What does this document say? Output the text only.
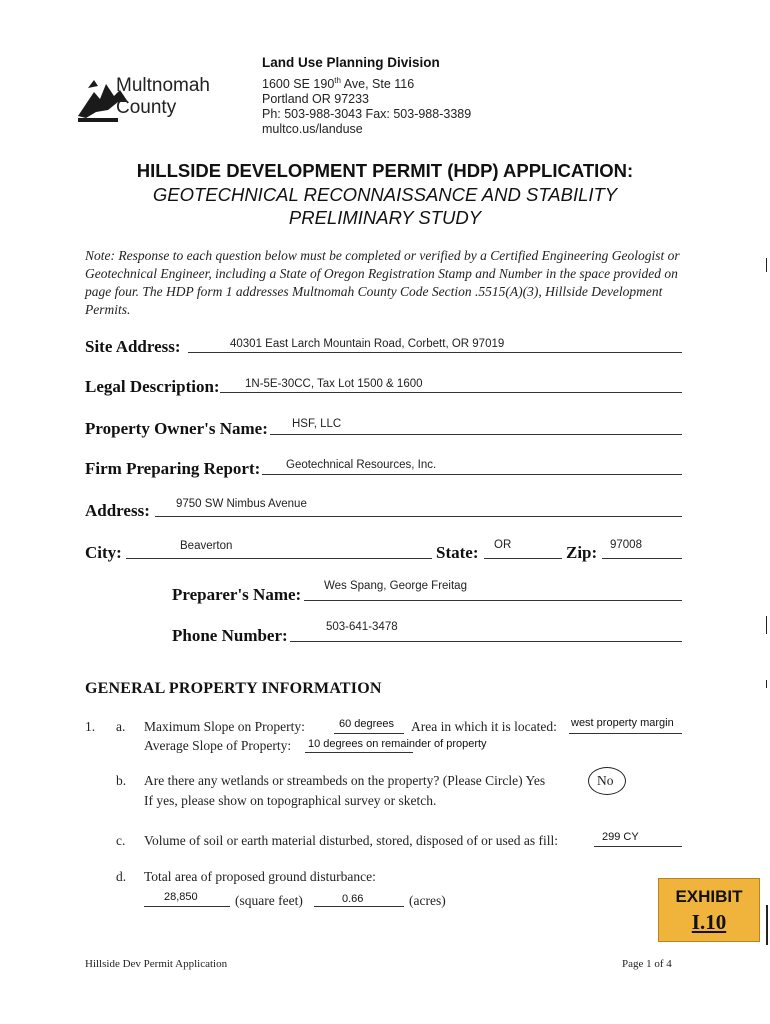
Multnomah
County
Land Use Planning Division
1600 SE 190th Ave, Ste 116
Portland OR 97233
Ph: 503-988-3043 Fax: 503-988-3389
multco.us/landuse
HILLSIDE DEVELOPMENT PERMIT (HDP) APPLICATION:
GEOTECHNICAL RECONNAISSANCE AND STABILITY
PRELIMINARY STUDY
Note: Response to each question below must be completed or verified by a Certified Engineering Geologist or Geotechnical Engineer, including a State of Oregon Registration Stamp and Number in the space provided on page four. The HDP form 1 addresses Multnomah County Code Section .5515(A)(3), Hillside Development Permits.
Site Address:	40301 East Larch Mountain Road, Corbett, OR 97019
Legal Description: 1N-5E-30CC, Tax Lot 1500 & 1600
Property Owner's Name: HSF, LLC
Firm Preparing Report: Geotechnical Resources, Inc.
Address: 9750 SW Nimbus Avenue
City:	Beaverton	State: OR	Zip: 97008
Preparer's Name: Wes Spang, George Freitag
Phone Number:	503-641-3478
GENERAL PROPERTY INFORMATION
1. a. Maximum Slope on Property:	60 degrees Area in which it is located: west property margin
Average Slope of Property: 10 degrees on remainder of property
b. Are there any wetlands or streambeds on the property? (Please Circle) Yes	No
If yes, please show on topographical survey or sketch.
c. Volume of soil or earth material disturbed, stored, disposed of or used as fill:	299 CY
d. Total area of proposed ground disturbance:
28,850	(square feet)	0.66	(acres)	EXHIBIT
I.10
Hillside Dev Permit Application	Page 1 of 4
